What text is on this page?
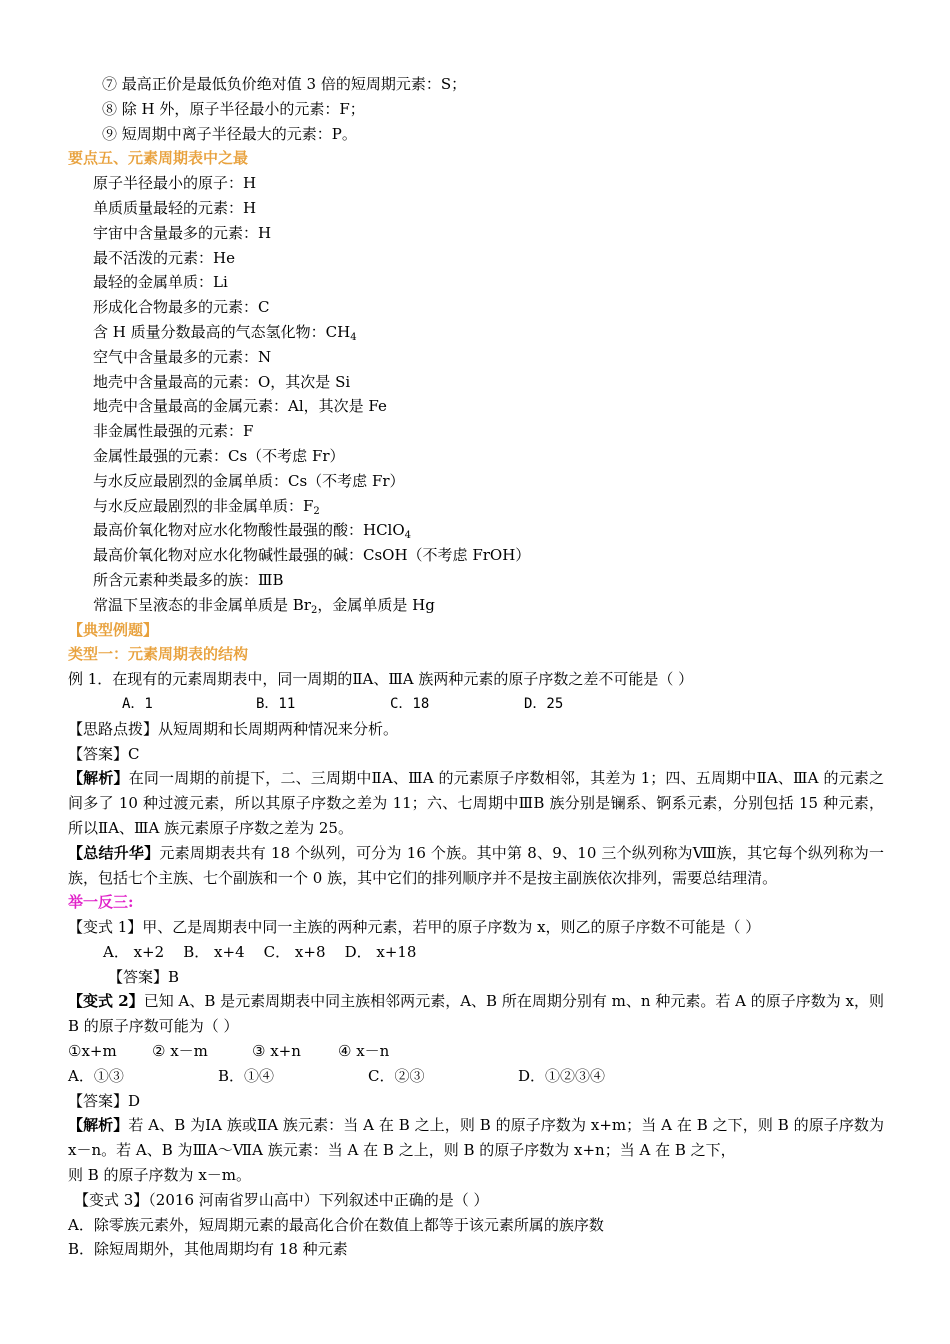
⑦ 最高正价是最低负价绝对值 3 倍的短周期元素：S；
⑧ 除 H 外，原子半径最小的元素：F；
⑨ 短周期中离子半径最大的元素：P。
要点五、元素周期表中之最
原子半径最小的原子：H
单质质量最轻的元素：H
宇宙中含量最多的元素：H
最不活泼的元素：He
最轻的金属单质：Li
形成化合物最多的元素：C
含 H 质量分数最高的气态氢化物：$CH_4$
空气中含量最多的元素：N
地壳中含量最高的元素：O，其次是 Si
地壳中含量最高的金属元素：Al，其次是 Fe
非金属性最强的元素：F
金属性最强的元素：Cs（不考虑 Fr）
与水反应最剧烈的金属单质：Cs（不考虑 Fr）
与水反应最剧烈的非金属单质：$F_2$
最高价氧化物对应水化物酸性最强的酸：HClO$_4$
最高价氧化物对应水化物碱性最强的碱：CsOH（不考虑 FrOH）
所含元素种类最多的族：ⅢB
常温下呈液态的非金属单质是 $Br_2$，金属单质是 Hg
【典型例题】
类型一：元素周期表的结构
例 1．在现有的元素周期表中，同一周期的ⅡA、ⅢA 族两种元素的原子序数之差不可能是（ ）
A．1	B．11	C．18	D．25
【思路点拨】从短周期和长周期两种情况来分析。
【答案】C
【解析】在同一周期的前提下，二、三周期中ⅡA、ⅢA 的元素原子序数相邻，其差为 1；四、五周期中ⅡA、ⅢA 的元素之间多了 10 种过渡元素，所以其原子序数之差为 11；六、七周期中ⅢB 族分别是镧系、锕系元素，分别包括 15 种元素，所以ⅡA、ⅢA 族元素原子序数之差为 25。
【总结升华】元素周期表共有 18 个纵列，可分为 16 个族。其中第 8、9、10 三个纵列称为Ⅷ族，其它每个纵列称为一族，包括七个主族、七个副族和一个 0 族，其中它们的排列顺序并不是按主副族依次排列，需要总结理清。
举一反三:
【变式 1】甲、乙是周期表中同一主族的两种元素，若甲的原子序数为 x，则乙的原子序数不可能是（ ）
A． x+2    B． x+4    C． x+8    D． x+18
【答案】B
【变式 2】已知 A、B 是元素周期表中同主族相邻两元素，A、B 所在周期分别有 m、n 种元素。若 A 的原子序数为 x，则 B 的原子序数可能为（ ）
①x+m ② x－m	③ x+n ④ x－n
A．①③	B．①④	C．②③	D．①②③④
【答案】D
【解析】若 A、B 为ⅠA 族或ⅡA 族元素：当 A 在 B 之上，则 B 的原子序数为 x+m；当 A 在 B 之下，则 B 的原子序数为 x－n。若 A、B 为ⅢA～ⅦA 族元素：当 A 在 B 之上，则 B 的原子序数为 x+n；当 A 在 B 之下，
则 B 的原子序数为 x－m。
【变式 3】（2016 河南省罗山高中）下列叙述中正确的是（ ）
A．除零族元素外，短周期元素的最高化合价在数值上都等于该元素所属的族序数
B．除短周期外，其他周期均有 18 种元素
